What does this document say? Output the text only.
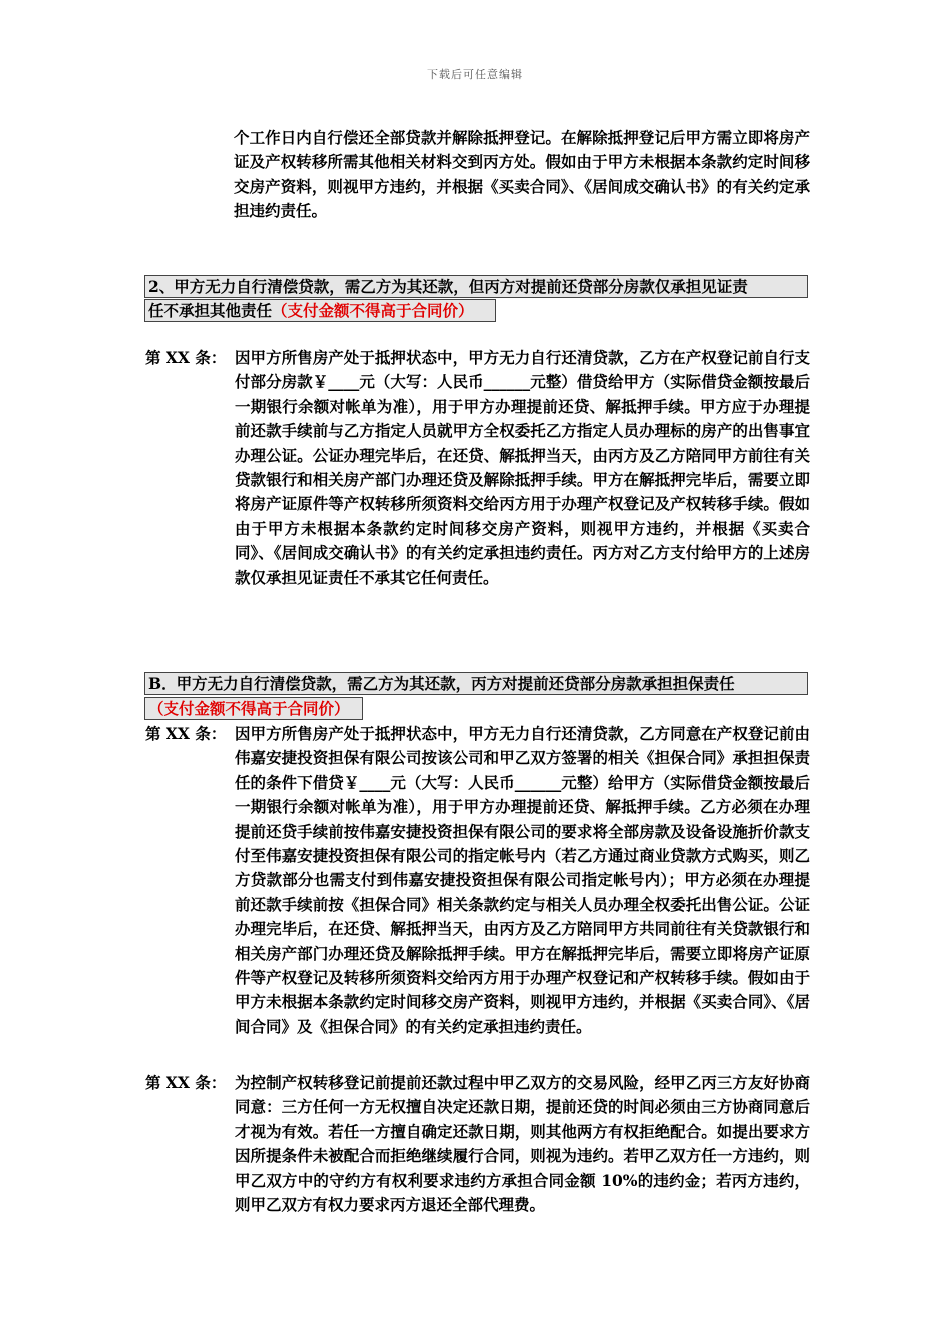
下载后可任意编辑

个工作日内自行偿还全部贷款并解除抵押登记。在解除抵押登记后甲方需立即将房产证及产权转移所需其他相关材料交到丙方处。假如由于甲方未根据本条款约定时间移交房产资料，则视甲方违约，并根据《买卖合同》、《居间成交确认书》的有关约定承担违约责任。

2、甲方无力自行清偿贷款，需乙方为其还款，但丙方对提前还贷部分房款仅承担见证责
任不承担其他责任（支付金额不得高于合同价）
第 XX 条： 因甲方所售房产处于抵押状态中，甲方无力自行还清贷款，乙方在产权登记前自行支付部分房款￥____元（大写：人民币______元整）借贷给甲方（实际借贷金额按最后一期银行余额对帐单为准），用于甲方办理提前还贷、解抵押手续。甲方应于办理提前还款手续前与乙方指定人员就甲方全权委托乙方指定人员办理标的房产的出售事宜办理公证。公证办理完毕后，在还贷、解抵押当天，由丙方及乙方陪同甲方前往有关贷款银行和相关房产部门办理还贷及解除抵押手续。甲方在解抵押完毕后，需要立即将房产证原件等产权转移所须资料交给丙方用于办理产权登记及产权转移手续。假如由于甲方未根据本条款约定时间移交房产资料，则视甲方违约，并根据《买卖合同》、《居间成交确认书》的有关约定承担违约责任。丙方对乙方支付给甲方的上述房款仅承担见证责任不承其它任何责任。
B．甲方无力自行清偿贷款，需乙方为其还款，丙方对提前还贷部分房款承担担保责任
（支付金额不得高于合同价）
第 XX 条： 因甲方所售房产处于抵押状态中，甲方无力自行还清贷款，乙方同意在产权登记前由伟嘉安捷投资担保有限公司按该公司和甲乙双方签署的相关《担保合同》承担担保责任的条件下借贷￥____元（大写：人民币______元整）给甲方（实际借贷金额按最后一期银行余额对帐单为准），用于甲方办理提前还贷、解抵押手续。乙方必须在办理提前还贷手续前按伟嘉安捷投资担保有限公司的要求将全部房款及设备设施折价款支付至伟嘉安捷投资担保有限公司的指定帐号内（若乙方通过商业贷款方式购买，则乙方贷款部分也需支付到伟嘉安捷投资担保有限公司指定帐号内）；甲方必须在办理提前还款手续前按《担保合同》相关条款约定与相关人员办理全权委托出售公证。公证办理完毕后，在还贷、解抵押当天，由丙方及乙方陪同甲方共同前往有关贷款银行和相关房产部门办理还贷及解除抵押手续。甲方在解抵押完毕后，需要立即将房产证原件等产权登记及转移所须资料交给丙方用于办理产权登记和产权转移手续。假如由于甲方未根据本条款约定时间移交房产资料，则视甲方违约，并根据《买卖合同》、《居间合同》及《担保合同》的有关约定承担违约责任。
第 XX 条： 为控制产权转移登记前提前还款过程中甲乙双方的交易风险，经甲乙丙三方友好协商同意：三方任何一方无权擅自决定还款日期，提前还贷的时间必须由三方协商同意后才视为有效。若任一方擅自确定还款日期，则其他两方有权拒绝配合。如提出要求方因所提条件未被配合而拒绝继续履行合同，则视为违约。若甲乙双方任一方违约，则甲乙双方中的守约方有权利要求违约方承担合同金额 10%的违约金；若丙方违约，则甲乙双方有权力要求丙方退还全部代理费。
